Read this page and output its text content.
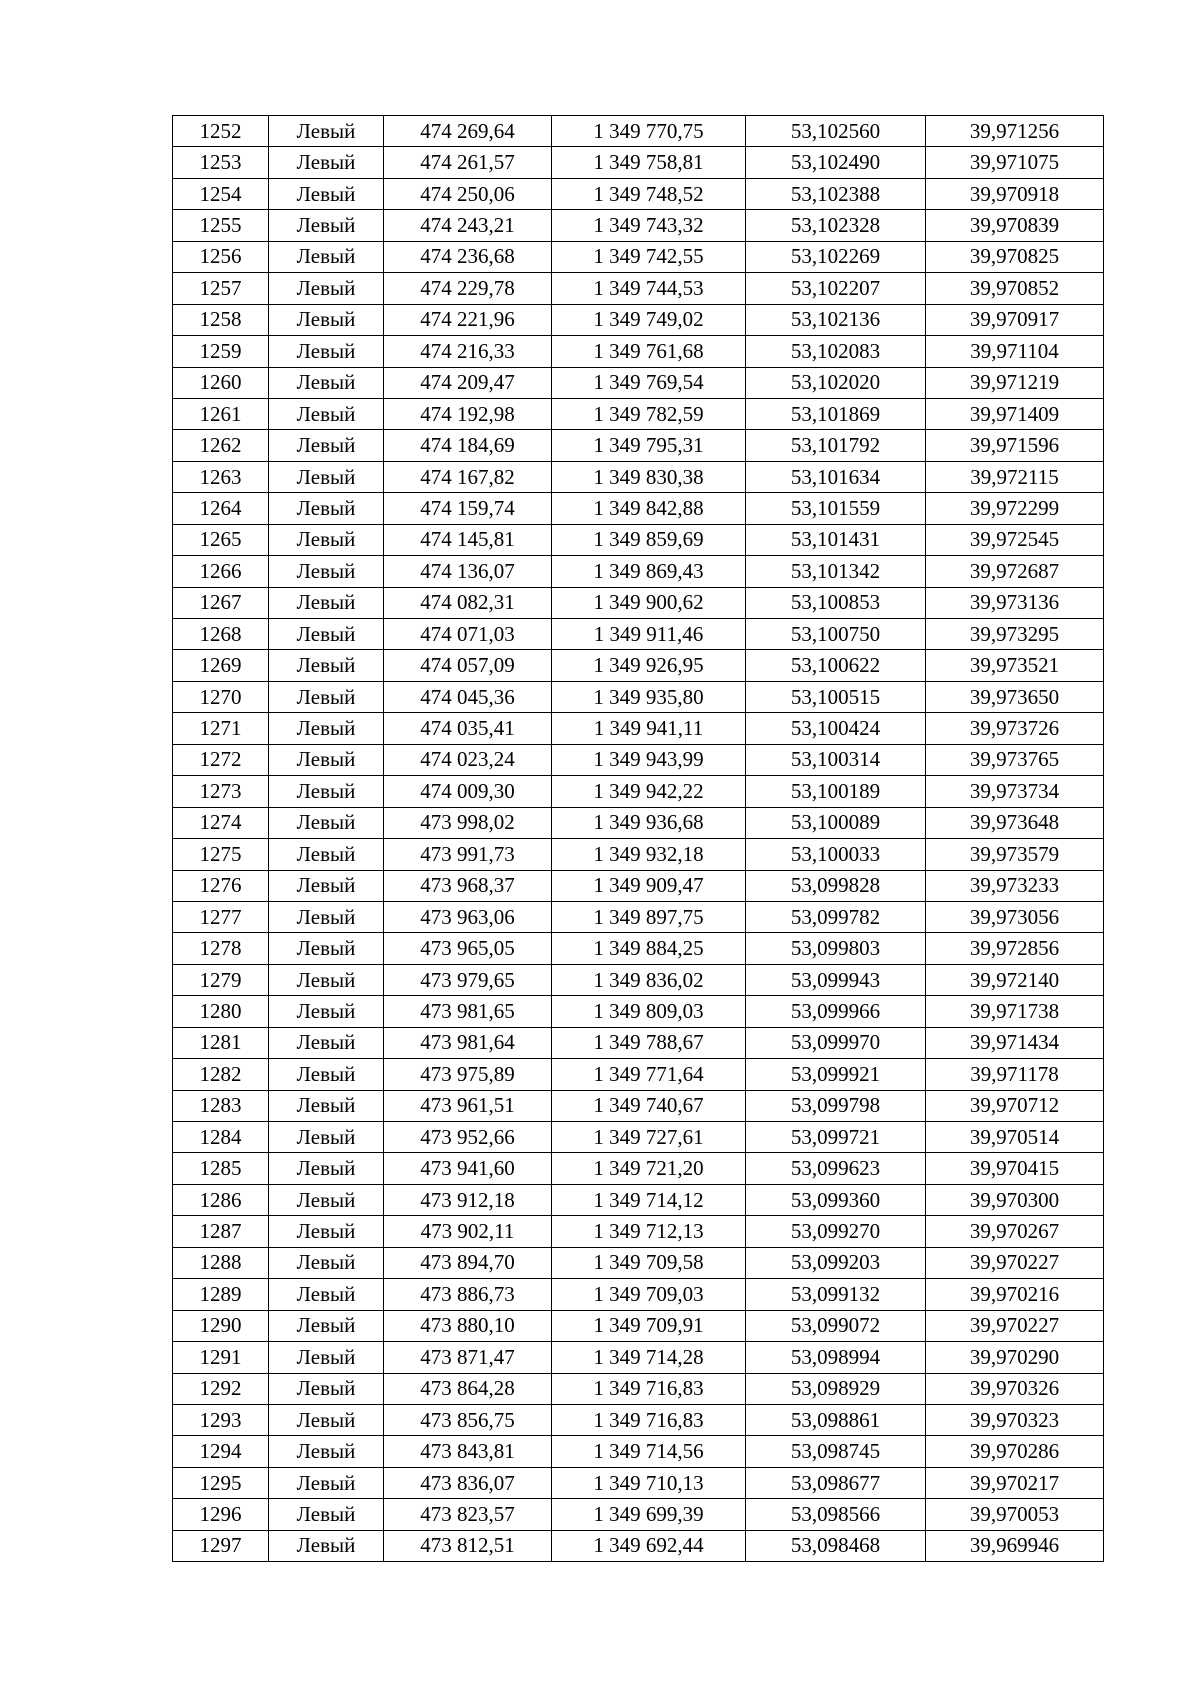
1252	Левый	474 269,64	1 349 770,75	53,102560	39,971256
1253	Левый	474 261,57	1 349 758,81	53,102490	39,971075
1254	Левый	474 250,06	1 349 748,52	53,102388	39,970918
1255	Левый	474 243,21	1 349 743,32	53,102328	39,970839
1256	Левый	474 236,68	1 349 742,55	53,102269	39,970825
1257	Левый	474 229,78	1 349 744,53	53,102207	39,970852
1258	Левый	474 221,96	1 349 749,02	53,102136	39,970917
1259	Левый	474 216,33	1 349 761,68	53,102083	39,971104
1260	Левый	474 209,47	1 349 769,54	53,102020	39,971219
1261	Левый	474 192,98	1 349 782,59	53,101869	39,971409
1262	Левый	474 184,69	1 349 795,31	53,101792	39,971596
1263	Левый	474 167,82	1 349 830,38	53,101634	39,972115
1264	Левый	474 159,74	1 349 842,88	53,101559	39,972299
1265	Левый	474 145,81	1 349 859,69	53,101431	39,972545
1266	Левый	474 136,07	1 349 869,43	53,101342	39,972687
1267	Левый	474 082,31	1 349 900,62	53,100853	39,973136
1268	Левый	474 071,03	1 349 911,46	53,100750	39,973295
1269	Левый	474 057,09	1 349 926,95	53,100622	39,973521
1270	Левый	474 045,36	1 349 935,80	53,100515	39,973650
1271	Левый	474 035,41	1 349 941,11	53,100424	39,973726
1272	Левый	474 023,24	1 349 943,99	53,100314	39,973765
1273	Левый	474 009,30	1 349 942,22	53,100189	39,973734
1274	Левый	473 998,02	1 349 936,68	53,100089	39,973648
1275	Левый	473 991,73	1 349 932,18	53,100033	39,973579
1276	Левый	473 968,37	1 349 909,47	53,099828	39,973233
1277	Левый	473 963,06	1 349 897,75	53,099782	39,973056
1278	Левый	473 965,05	1 349 884,25	53,099803	39,972856
1279	Левый	473 979,65	1 349 836,02	53,099943	39,972140
1280	Левый	473 981,65	1 349 809,03	53,099966	39,971738
1281	Левый	473 981,64	1 349 788,67	53,099970	39,971434
1282	Левый	473 975,89	1 349 771,64	53,099921	39,971178
1283	Левый	473 961,51	1 349 740,67	53,099798	39,970712
1284	Левый	473 952,66	1 349 727,61	53,099721	39,970514
1285	Левый	473 941,60	1 349 721,20	53,099623	39,970415
1286	Левый	473 912,18	1 349 714,12	53,099360	39,970300
1287	Левый	473 902,11	1 349 712,13	53,099270	39,970267
1288	Левый	473 894,70	1 349 709,58	53,099203	39,970227
1289	Левый	473 886,73	1 349 709,03	53,099132	39,970216
1290	Левый	473 880,10	1 349 709,91	53,099072	39,970227
1291	Левый	473 871,47	1 349 714,28	53,098994	39,970290
1292	Левый	473 864,28	1 349 716,83	53,098929	39,970326
1293	Левый	473 856,75	1 349 716,83	53,098861	39,970323
1294	Левый	473 843,81	1 349 714,56	53,098745	39,970286
1295	Левый	473 836,07	1 349 710,13	53,098677	39,970217
1296	Левый	473 823,57	1 349 699,39	53,098566	39,970053
1297	Левый	473 812,51	1 349 692,44	53,098468	39,969946
